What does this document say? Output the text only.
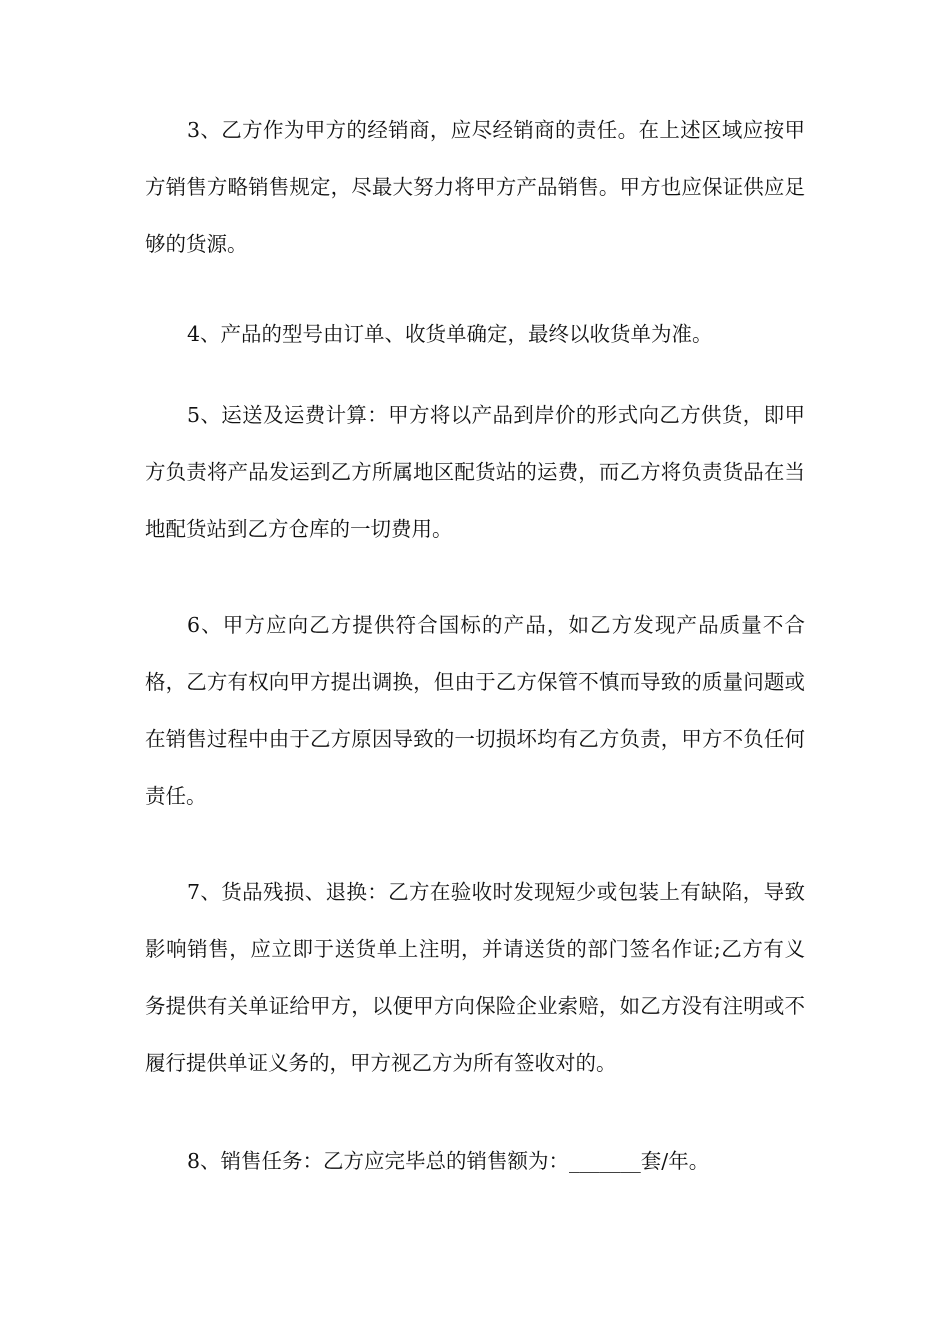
3、乙方作为甲方的经销商，应尽经销商的责任。在上述区域应按甲方销售方略销售规定，尽最大努力将甲方产品销售。甲方也应保证供应足够的货源。

4、产品的型号由订单、收货单确定，最终以收货单为准。

5、运送及运费计算：甲方将以产品到岸价的形式向乙方供货，即甲方负责将产品发运到乙方所属地区配货站的运费，而乙方将负责货品在当地配货站到乙方仓库的一切费用。

6、甲方应向乙方提供符合国标的产品，如乙方发现产品质量不合格，乙方有权向甲方提出调换，但由于乙方保管不慎而导致的质量问题或在销售过程中由于乙方原因导致的一切损坏均有乙方负责，甲方不负任何责任。

7、货品残损、退换：乙方在验收时发现短少或包装上有缺陷，导致影响销售，应立即于送货单上注明，并请送货的部门签名作证;乙方有义务提供有关单证给甲方，以便甲方向保险企业索赔，如乙方没有注明或不履行提供单证义务的，甲方视乙方为所有签收对的。

8、销售任务：乙方应完毕总的销售额为：_______套/年。
